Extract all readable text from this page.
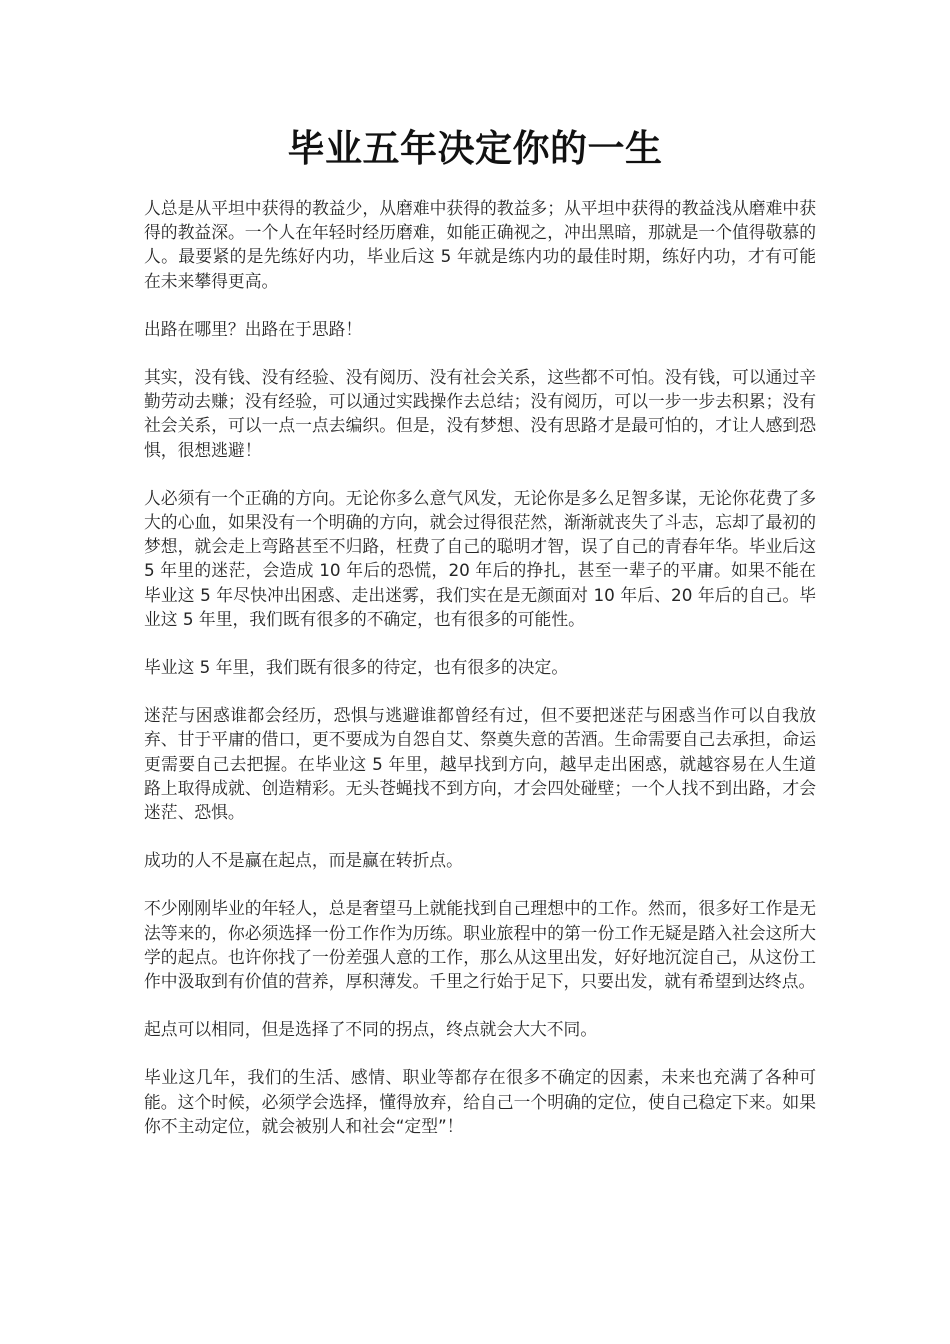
毕业五年决定你的一生

人总是从平坦中获得的教益少，从磨难中获得的教益多；从平坦中获得的教益浅从磨难中获得的教益深。一个人在年轻时经历磨难，如能正确视之，冲出黑暗，那就是一个值得敬慕的人。最要紧的是先练好内功，毕业后这 5 年就是练内功的最佳时期，练好内功，才有可能在未来攀得更高。

出路在哪里？出路在于思路！

其实，没有钱、没有经验、没有阅历、没有社会关系，这些都不可怕。没有钱，可以通过辛勤劳动去赚；没有经验，可以通过实践操作去总结；没有阅历，可以一步一步去积累；没有社会关系，可以一点一点去编织。但是，没有梦想、没有思路才是最可怕的，才让人感到恐惧，很想逃避！

人必须有一个正确的方向。无论你多么意气风发，无论你是多么足智多谋，无论你花费了多大的心血，如果没有一个明确的方向，就会过得很茫然，渐渐就丧失了斗志，忘却了最初的梦想，就会走上弯路甚至不归路，枉费了自己的聪明才智，误了自己的青春年华。毕业后这 5 年里的迷茫，会造成 10 年后的恐慌，20 年后的挣扎，甚至一辈子的平庸。如果不能在毕业这 5 年尽快冲出困惑、走出迷雾，我们实在是无颜面对 10 年后、20 年后的自己。毕业这 5 年里，我们既有很多的不确定，也有很多的可能性。

毕业这 5 年里，我们既有很多的待定，也有很多的决定。

迷茫与困惑谁都会经历，恐惧与逃避谁都曾经有过，但不要把迷茫与困惑当作可以自我放弃、甘于平庸的借口，更不要成为自怨自艾、祭奠失意的苦酒。生命需要自己去承担，命运更需要自己去把握。在毕业这 5 年里，越早找到方向，越早走出困惑，就越容易在人生道路上取得成就、创造精彩。无头苍蝇找不到方向，才会四处碰壁；一个人找不到出路，才会迷茫、恐惧。

成功的人不是赢在起点，而是赢在转折点。

不少刚刚毕业的年轻人，总是奢望马上就能找到自己理想中的工作。然而，很多好工作是无法等来的，你必须选择一份工作作为历练。职业旅程中的第一份工作无疑是踏入社会这所大学的起点。也许你找了一份差强人意的工作，那么从这里出发，好好地沉淀自己，从这份工作中汲取到有价值的营养，厚积薄发。千里之行始于足下，只要出发，就有希望到达终点。

起点可以相同，但是选择了不同的拐点，终点就会大大不同。

毕业这几年，我们的生活、感情、职业等都存在很多不确定的因素，未来也充满了各种可能。这个时候，必须学会选择，懂得放弃，给自己一个明确的定位，使自己稳定下来。如果你不主动定位，就会被别人和社会“定型”！
